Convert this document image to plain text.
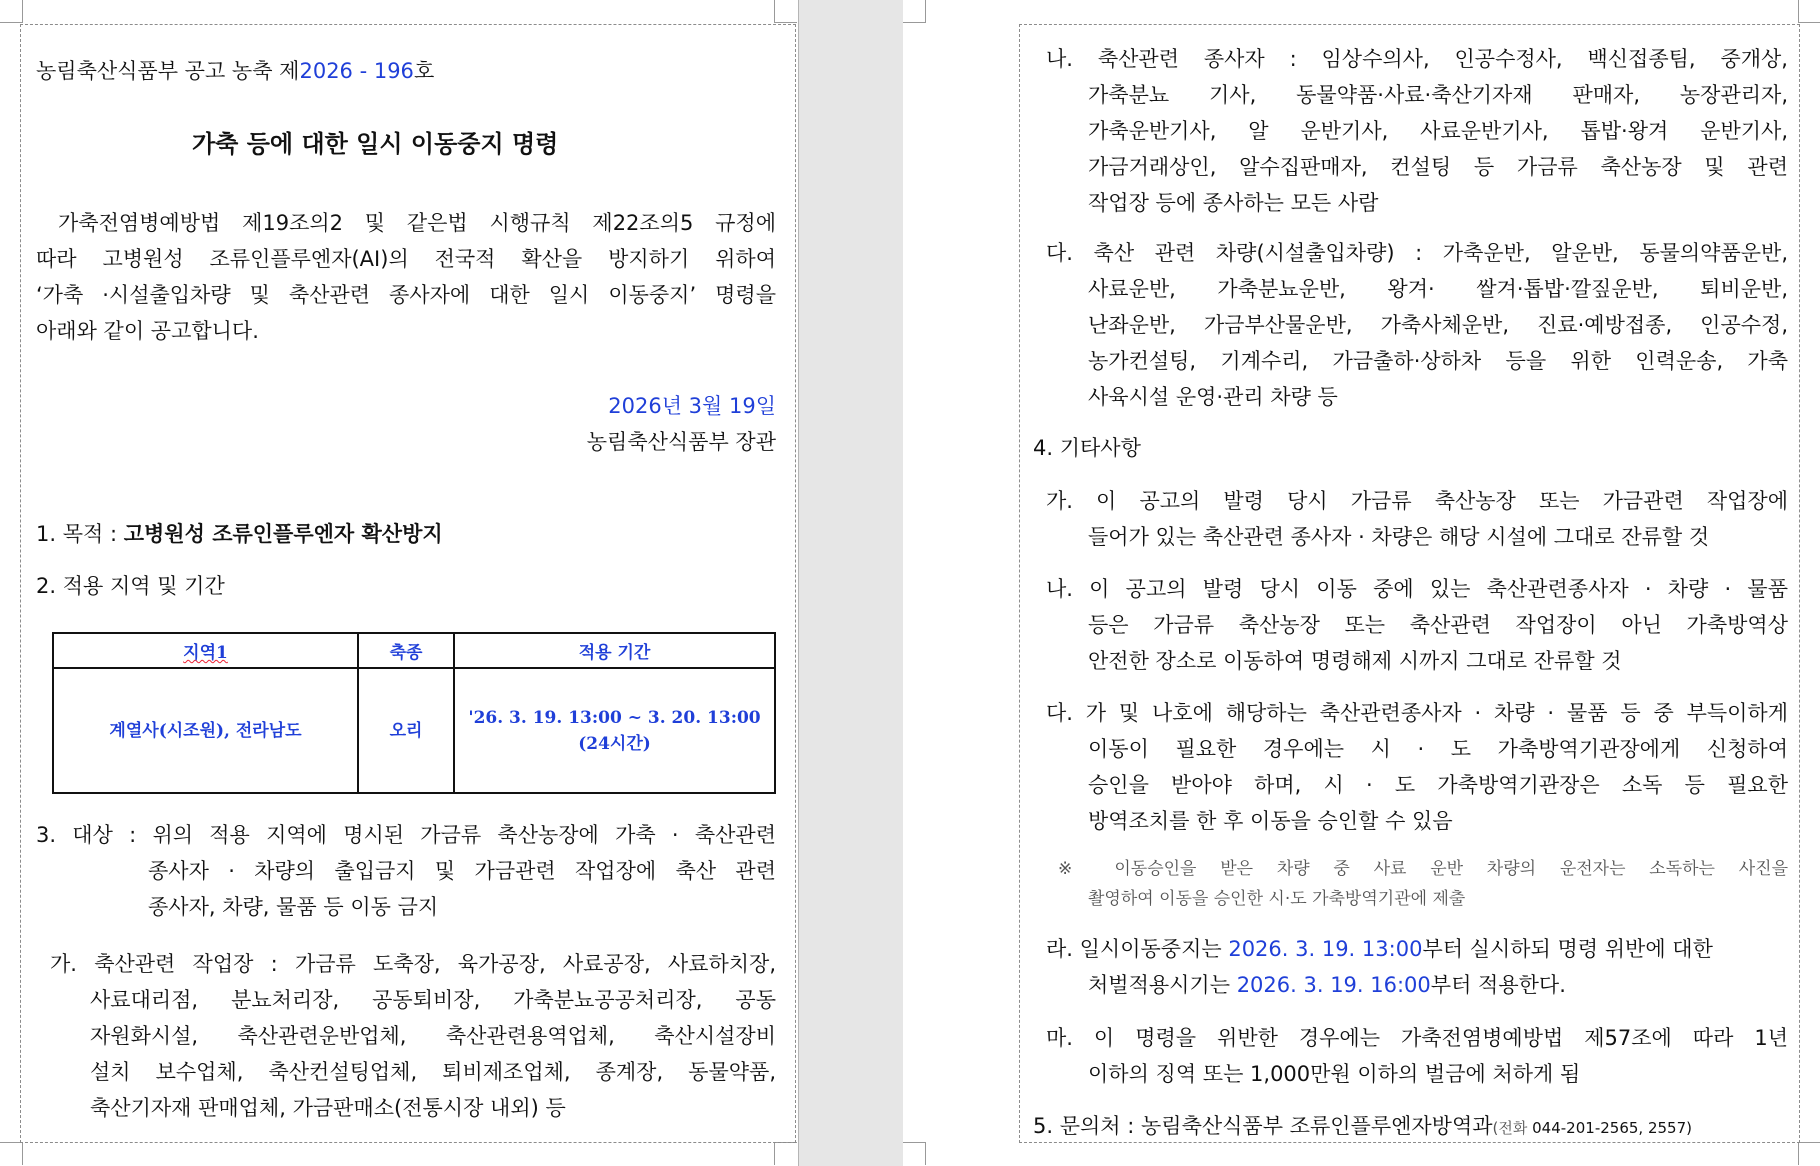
농림축산식품부 공고 농축 제2026 - 196호
가축 등에 대한 일시 이동중지 명령
가축전염병예방법 제19조의2 및 같은법 시행규칙 제22조의5 규정에
따라 고병원성 조류인플루엔자(AI)의 전국적 확산을 방지하기 위하여
‘가축 ·시설출입차량 및 축산관련 종사자에 대한 일시 이동중지’ 명령을
아래와 같이 공고합니다.
2026년 3월 19일
농림축산식품부 장관
1. 목적 : 고병원성 조류인플루엔자 확산방지
2. 적용 지역 및 기간
지역1	축종	적용 기간
계열사(시조원), 전라남도	오리	'26. 3. 19. 13:00 ~ 3. 20. 13:00
(24시간)
3. 대상 : 위의 적용 지역에 명시된 가금류 축산농장에 가축 · 축산관련
종사자 · 차량의 출입금지 및 가금관련 작업장에 축산 관련
종사자, 차량, 물품 등 이동 금지
가. 축산관련 작업장 : 가금류 도축장, 육가공장, 사료공장, 사료하치장,
사료대리점, 분뇨처리장, 공동퇴비장, 가축분뇨공공처리장, 공동
자원화시설, 축산관련운반업체, 축산관련용역업체, 축산시설장비
설치 보수업체, 축산컨설팅업체, 퇴비제조업체, 종계장, 동물약품,
축산기자재 판매업체, 가금판매소(전통시장 내외) 등
나. 축산관련 종사자 : 임상수의사, 인공수정사, 백신접종팀, 중개상,
가축분뇨 기사, 동물약품·사료·축산기자재 판매자, 농장관리자,
가축운반기사, 알 운반기사, 사료운반기사, 톱밥·왕겨 운반기사,
가금거래상인, 알수집판매자, 컨설팅 등 가금류 축산농장 및 관련
작업장 등에 종사하는 모든 사람
다. 축산 관련 차량(시설출입차량) : 가축운반, 알운반, 동물의약품운반,
사료운반, 가축분뇨운반, 왕겨· 쌀겨·톱밥·깔짚운반, 퇴비운반,
난좌운반, 가금부산물운반, 가축사체운반, 진료·예방접종, 인공수정,
농가컨설팅, 기계수리, 가금출하·상하차 등을 위한 인력운송, 가축
사육시설 운영·관리 차량 등
4. 기타사항
가. 이 공고의 발령 당시 가금류 축산농장 또는 가금관련 작업장에
들어가 있는 축산관련 종사자 · 차량은 해당 시설에 그대로 잔류할 것
나. 이 공고의 발령 당시 이동 중에 있는 축산관련종사자 · 차량 · 물품
등은 가금류 축산농장 또는 축산관련 작업장이 아닌 가축방역상
안전한 장소로 이동하여 명령해제 시까지 그대로 잔류할 것
다. 가 및 나호에 해당하는 축산관련종사자 · 차량 · 물품 등 중 부득이하게
이동이 필요한 경우에는 시 · 도 가축방역기관장에게 신청하여
승인을 받아야 하며, 시 · 도 가축방역기관장은 소독 등 필요한
방역조치를 한 후 이동을 승인할 수 있음
※ 이동승인을 받은 차량 중 사료 운반 차량의 운전자는 소독하는 사진을
촬영하여 이동을 승인한 시·도 가축방역기관에 제출
라. 일시이동중지는 2026. 3. 19. 13:00부터 실시하되 명령 위반에 대한
처벌적용시기는 2026. 3. 19. 16:00부터 적용한다.
마. 이 명령을 위반한 경우에는 가축전염병예방법 제57조에 따라 1년
이하의 징역 또는 1,000만원 이하의 벌금에 처하게 됨
5. 문의처 : 농림축산식품부 조류인플루엔자방역과(전화 044-201-2565, 2557)
